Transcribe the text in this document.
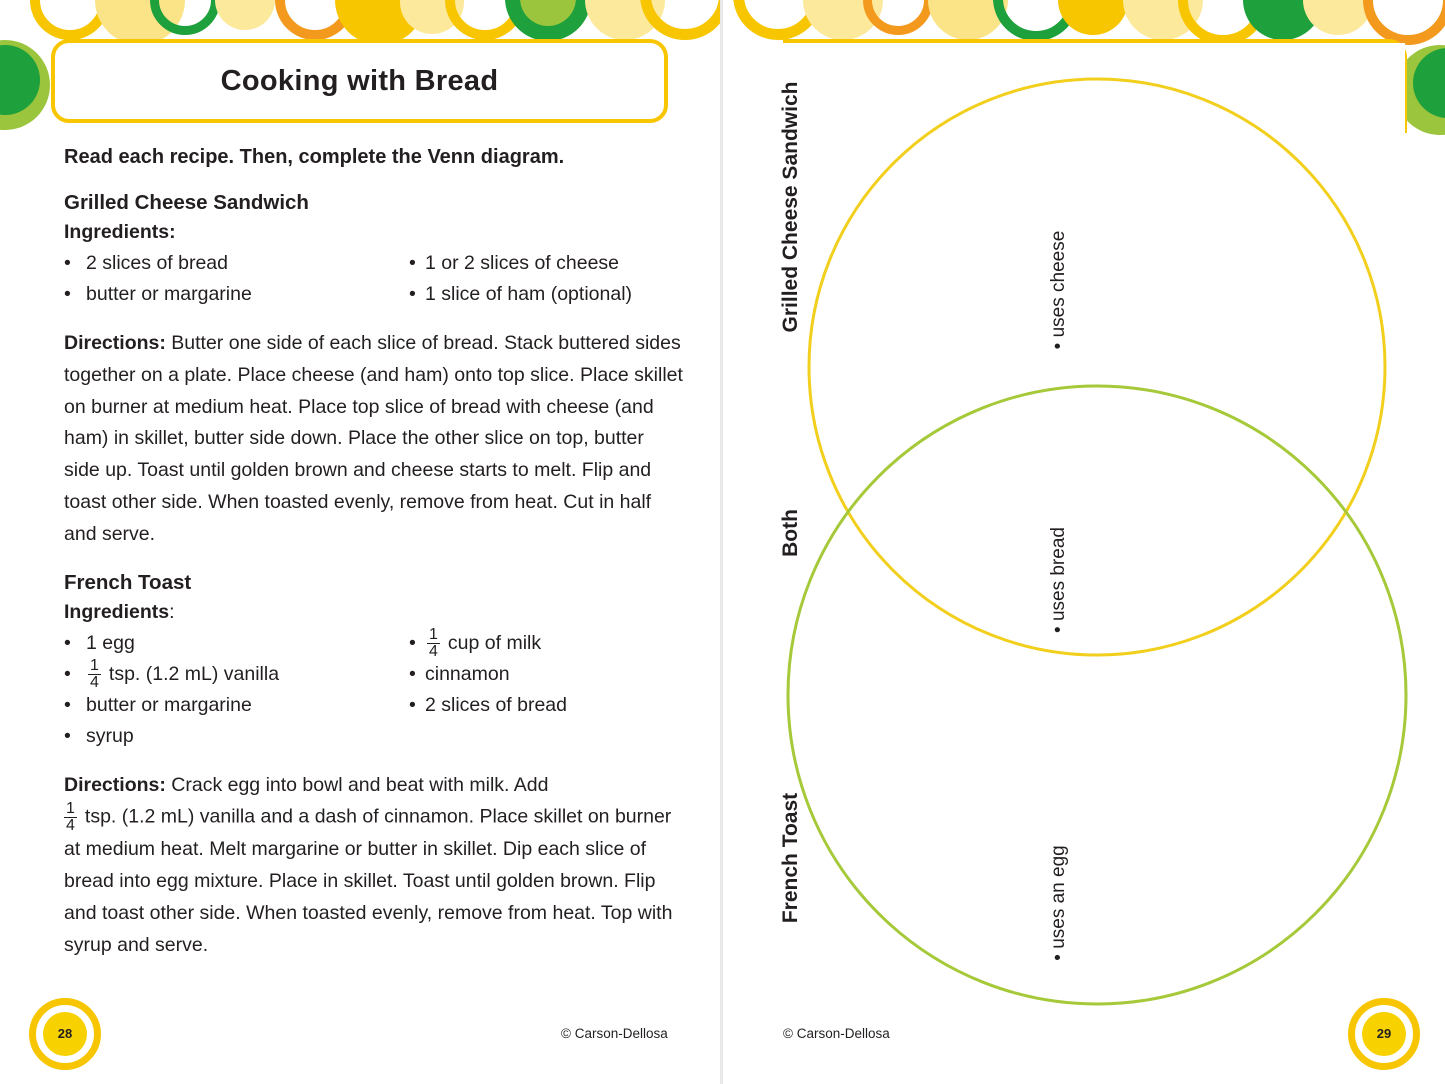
Cooking with Bread

Read each recipe. Then, complete the Venn diagram.

Grilled Cheese Sandwich

Ingredients:

• 2 slices of bread
• butter or margarine
• 1 or 2 slices of cheese
• 1 slice of ham (optional)

Directions: Butter one side of each slice of bread. Stack buttered sides together on a plate. Place cheese (and ham) onto top slice. Place skillet on burner at medium heat. Place top slice of bread with cheese (and ham) in skillet, butter side down. Place the other slice on top, butter side up. Toast until golden brown and cheese starts to melt. Flip and toast other side. When toasted evenly, remove from heat. Cut in half and serve.

French Toast

Ingredients:

• 1 egg
•	$\frac{1}{4}$ tsp. (1.2 mL) vanilla
• butter or margarine
• syrup
• $\frac{1}{4}$ cup of milk
• cinnamon
• 2 slices of bread

Directions: Crack egg into bowl and beat with milk. Add

$\frac{1}{4}$ tsp. (1.2 mL) vanilla and a dash of cinnamon. Place skillet on burner at medium heat. Melt margarine or butter in skillet. Dip each slice of bread into egg mixture. Place in skillet. Toast until golden brown. Flip and toast other side. When toasted evenly, remove from heat. Top with syrup and serve.

28	© Carson-Dellosa
Grilled Cheese Sandwich
Both
French Toast
• uses cheese
• uses bread
• uses an egg
© Carson-Dellosa	29
